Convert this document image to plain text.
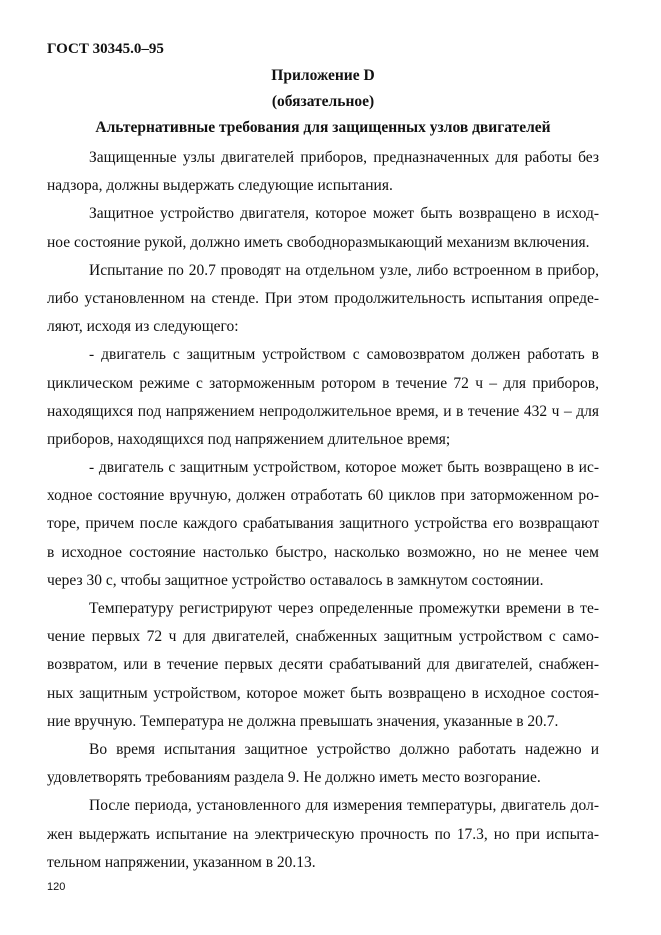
ГОСТ 30345.0–95
Приложение D
(обязательное)
Альтернативные требования для защищенных узлов двигателей
Защищенные узлы двигателей приборов, предназначенных для работы без
надзора, должны выдержать следующие испытания.
Защитное устройство двигателя, которое может быть возвращено в исход-
ное состояние рукой, должно иметь свободноразмыкающий механизм включения.
Испытание по 20.7 проводят на отдельном узле, либо встроенном в прибор,
либо установленном на стенде. При этом продолжительность испытания опреде-
ляют, исходя из следующего:
- двигатель с защитным устройством с самовозвратом должен работать в
циклическом режиме с заторможенным ротором в течение 72 ч – для приборов,
находящихся под напряжением непродолжительное время, и в течение 432 ч – для
приборов, находящихся под напряжением длительное время;
- двигатель с защитным устройством, которое может быть возвращено в ис-
ходное состояние вручную, должен отработать 60 циклов при заторможенном ро-
торе, причем после каждого срабатывания защитного устройства его возвращают
в исходное состояние настолько быстро, насколько возможно, но не менее чем
через 30 с, чтобы защитное устройство оставалось в замкнутом состоянии.
Температуру регистрируют через определенные промежутки времени в те-
чение первых 72 ч для двигателей, снабженных защитным устройством с само-
возвратом, или в течение первых десяти срабатываний для двигателей, снабжен-
ных защитным устройством, которое может быть возвращено в исходное состоя-
ние вручную. Температура не должна превышать значения, указанные в 20.7.
Во время испытания защитное устройство должно работать надежно и
удовлетворять требованиям раздела 9. Не должно иметь место возгорание.
После периода, установленного для измерения температуры, двигатель дол-
жен выдержать испытание на электрическую прочность по 17.3, но при испыта-
тельном напряжении, указанном в 20.13.
120
